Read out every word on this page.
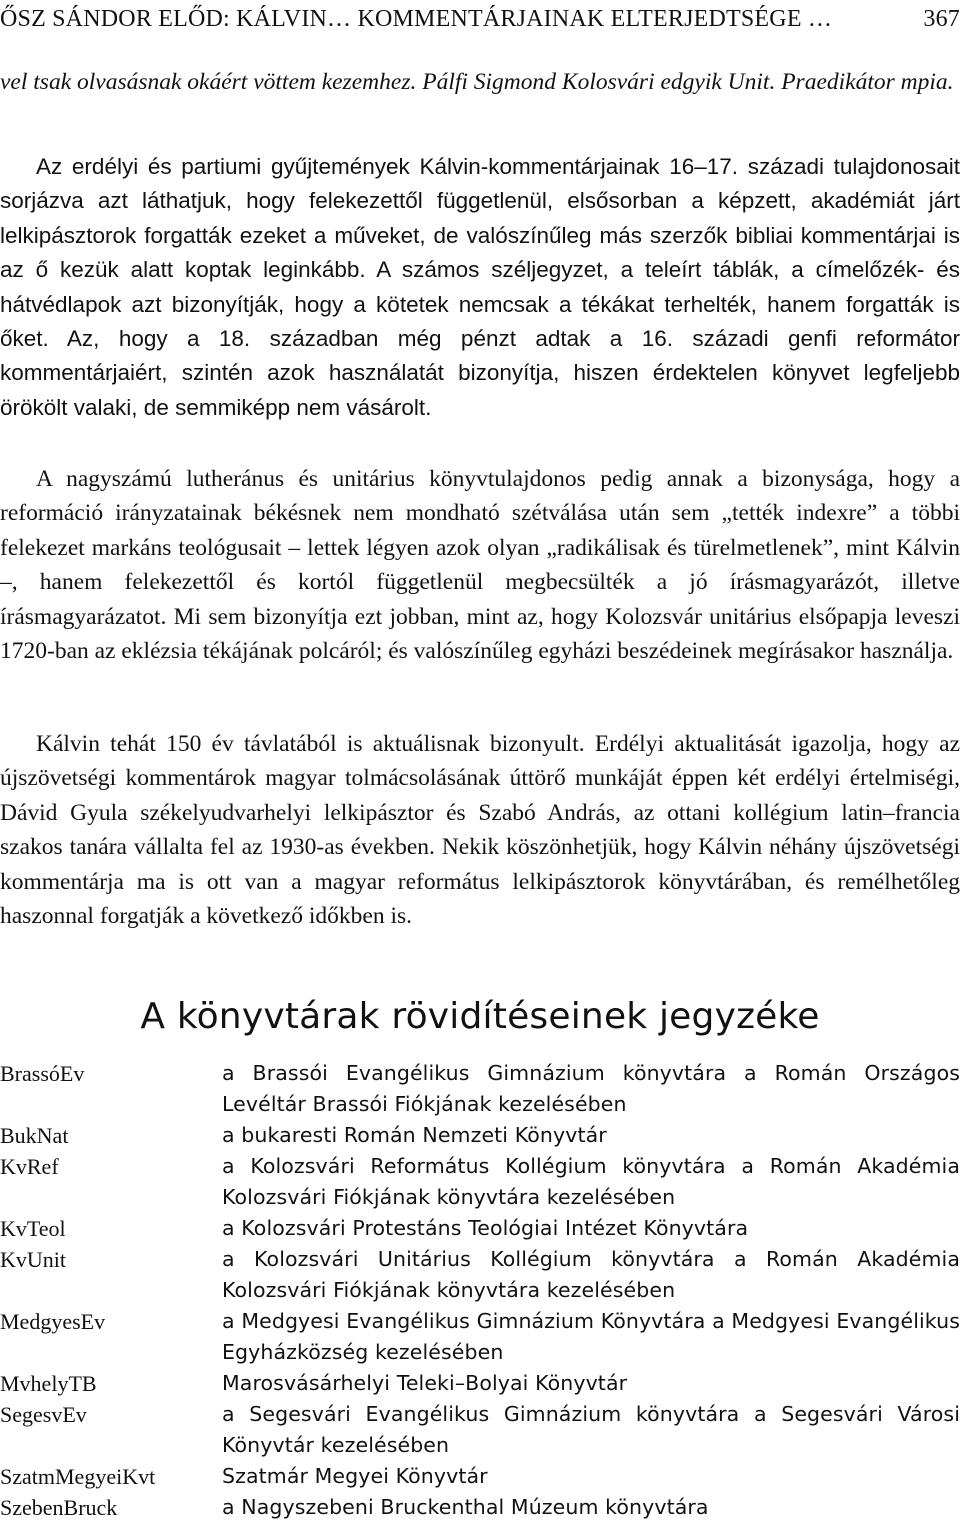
ŐSZ SÁNDOR ELŐD: KÁLVIN… KOMMENTÁRJAINAK ELTERJEDTSÉGE …	367
vel tsak olvasásnak okáért vöttem kezemhez. Pálfi Sigmond Kolosvári edgyik Unit. Praedikátor mpia.

Az erdélyi és partiumi gyűjtemények Kálvin-kommentárjainak 16–17. századi tulajdonosait sorjázva azt láthatjuk, hogy felekezettől függetlenül, elsősorban a képzett, akadémiát járt lelkipásztorok forgatták ezeket a műveket, de valószínűleg más szerzők bibliai kommentárjai is az ő kezük alatt koptak leginkább. A számos széljegyzet, a teleírt táblák, a címelőzék- és hátvédlapok azt bizonyítják, hogy a kötetek nemcsak a tékákat terhelték, hanem forgatták is őket. Az, hogy a 18. században még pénzt adtak a 16. századi genfi reformátor kommentárjaiért, szintén azok használatát bizonyítja, hiszen érdektelen könyvet legfeljebb örökölt valaki, de semmiképp nem vásárolt.

A nagyszámú lutheránus és unitárius könyvtulajdonos pedig annak a bizonysága, hogy a reformáció irányzatainak békésnek nem mondható szétválása után sem „tették indexre” a többi felekezet markáns teológusait – lettek légyen azok olyan „radikálisak és türelmetlenek”, mint Kálvin –, hanem felekezettől és kortól függetlenül megbecsülték a jó írásmagyarázót, illetve írásmagyarázatot. Mi sem bizonyítja ezt jobban, mint az, hogy Kolozsvár unitárius elsőpapja leveszi 1720-ban az eklézsia tékájának polcáról; és valószínűleg egyházi beszédeinek megírásakor használja.

Kálvin tehát 150 év távlatából is aktuálisnak bizonyult. Erdélyi aktualitását igazolja, hogy az újszövetségi kommentárok magyar tolmácsolásának úttörő munkáját éppen két erdélyi értelmiségi, Dávid Gyula székelyudvarhelyi lelkipásztor és Szabó András, az ottani kollégium latin–francia szakos tanára vállalta fel az 1930-as években. Nekik köszönhetjük, hogy Kálvin néhány újszövetségi kommentárja ma is ott van a magyar református lelkipásztorok könyvtárában, és remélhetőleg haszonnal forgatják a következő időkben is.

A könyvtárak rövidítéseinek jegyzéke
BrassóEv	a Brassói Evangélikus Gimnázium könyvtára a Román Országos Levéltár Brassói Fiókjának kezelésében
BukNat	a bukaresti Román Nemzeti Könyvtár
KvRef	a Kolozsvári Református Kollégium könyvtára a Román Akadémia Kolozsvári Fiókjának könyvtára kezelésében
KvTeol	a Kolozsvári Protestáns Teológiai Intézet Könyvtára
KvUnit	a Kolozsvári Unitárius Kollégium könyvtára a Román Akadémia Kolozsvári Fiókjának könyvtára kezelésében
MedgyesEv	a Medgyesi Evangélikus Gimnázium Könyvtára a Medgyesi Evangélikus Egyházközség kezelésében
MvhelyTB	Marosvásárhelyi Teleki–Bolyai Könyvtár
SegesvEv	a Segesvári Evangélikus Gimnázium könyvtára a Segesvári Városi Könyvtár kezelésében
SzatmMegyeiKvt	Szatmár Megyei Könyvtár
SzebenBruck	a Nagyszebeni Bruckenthal Múzeum könyvtára
